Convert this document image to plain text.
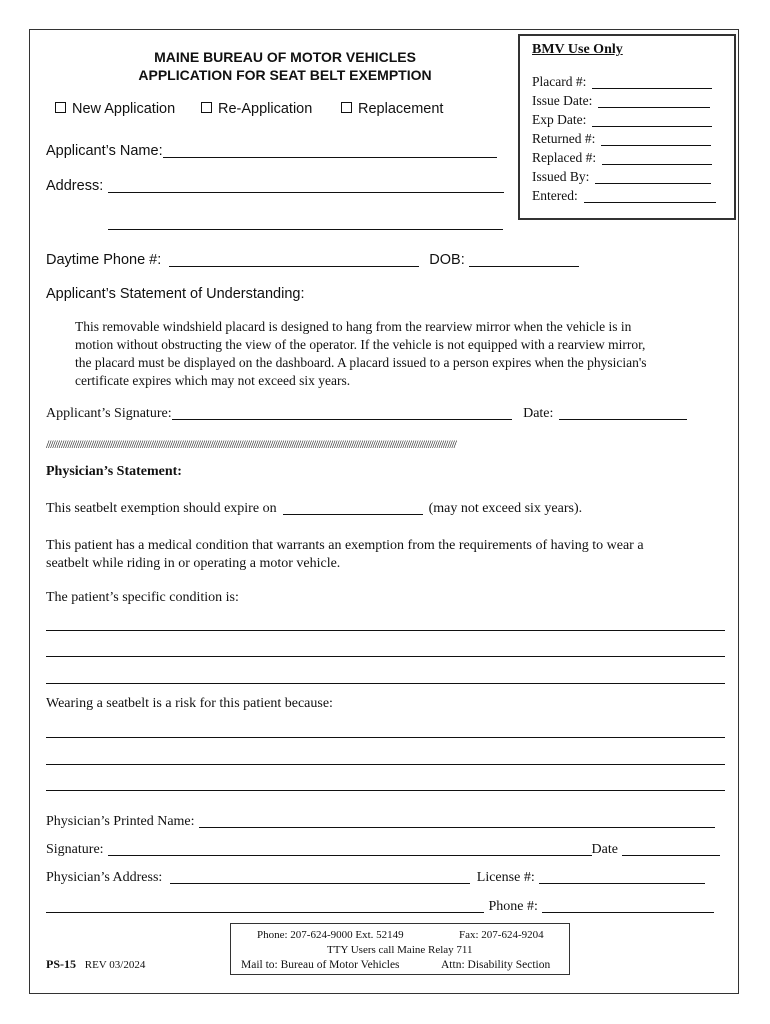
MAINE BUREAU OF MOTOR VEHICLES
APPLICATION FOR SEAT BELT EXEMPTION
New Application	Re-Application	Replacement
Applicant’s Name:
Address:
BMV Use Only
Placard #:
Issue Date:
Exp Date:
Returned #:
Replaced #:
Issued By:
Entered:
Daytime Phone #:	DOB:
Applicant’s Statement of Understanding:
This removable windshield placard is designed to hang from the rearview mirror when the vehicle is in
motion without obstructing the view of the operator. If the vehicle is not equipped with a rearview mirror,
the placard must be displayed on the dashboard. A placard issued to a person expires when the physician's
certificate expires which may not exceed six years.
Applicant’s Signature:	Date:
////////////////////////////////////////////////////////////////////////////////////////////////////////////////////////////////////////////////////////////////////////////////////////////////
Physician’s Statement:
This seatbelt exemption should expire on	(may not exceed six years).
This patient has a medical condition that warrants an exemption from the requirements of having to wear a
seatbelt while riding in or operating a motor vehicle.
The patient’s specific condition is:
Wearing a seatbelt is a risk for this patient because:
Physician’s Printed Name:
Signature:	Date
Physician’s Address:	License #:
Phone #:
PS-15 REV 03/2024
Phone: 207-624-9000 Ext. 52149	Fax: 207-624-9204
TTY Users call Maine Relay 711
Mail to: Bureau of Motor Vehicles	Attn: Disability Section
